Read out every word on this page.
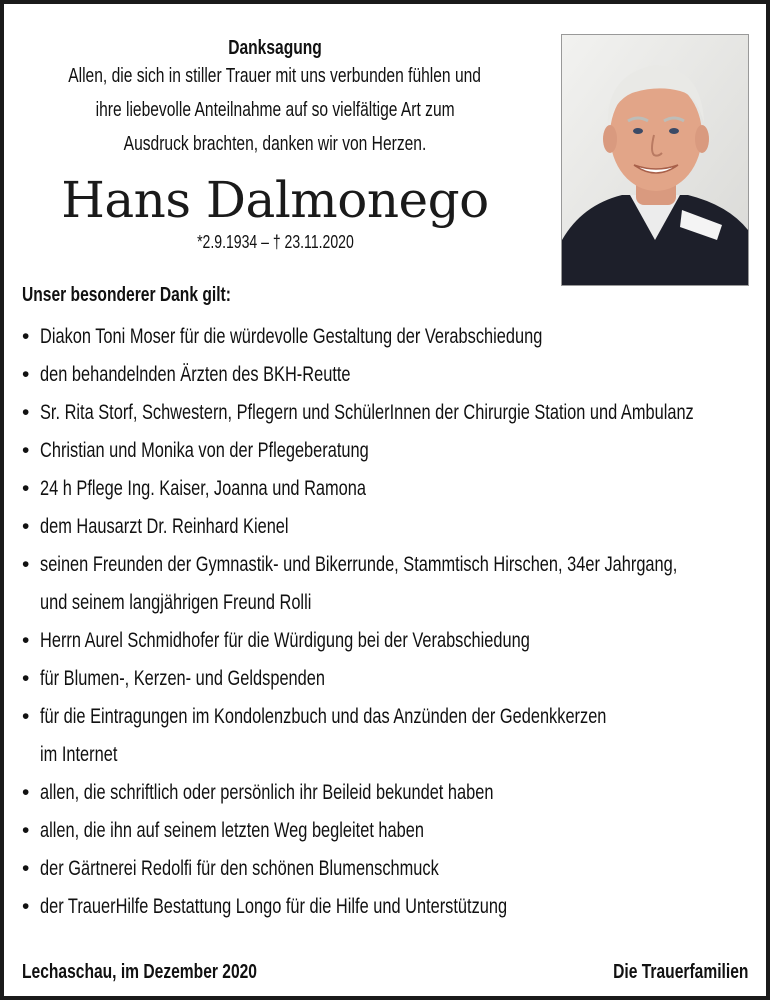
Danksagung
Allen, die sich in stiller Trauer mit uns verbunden fühlen und
ihre liebevolle Anteilnahme auf so vielfältige Art zum
Ausdruck brachten, danken wir von Herzen.
Hans Dalmonego
*2.9.1934 – † 23.11.2020
Unser besonderer Dank gilt:
• Diakon Toni Moser für die würdevolle Gestaltung der Verabschiedung
• den behandelnden Ärzten des BKH-Reutte
• Sr. Rita Storf, Schwestern, Pflegern und SchülerInnen der Chirurgie Station und Ambulanz
• Christian und Monika von der Pflegeberatung
• 24 h Pflege Ing. Kaiser, Joanna und Ramona
• dem Hausarzt Dr. Reinhard Kienel
• seinen Freunden der Gymnastik- und Bikerrunde, Stammtisch Hirschen, 34er Jahrgang,
und seinem langjährigen Freund Rolli
• Herrn Aurel Schmidhofer für die Würdigung bei der Verabschiedung
• für Blumen-, Kerzen- und Geldspenden
• für die Eintragungen im Kondolenzbuch und das Anzünden der Gedenkkerzen
im Internet
• allen, die schriftlich oder persönlich ihr Beileid bekundet haben
• allen, die ihn auf seinem letzten Weg begleitet haben
• der Gärtnerei Redolfi für den schönen Blumenschmuck
• der TrauerHilfe Bestattung Longo für die Hilfe und Unterstützung
Lechaschau, im Dezember 2020	Die Trauerfamilien
